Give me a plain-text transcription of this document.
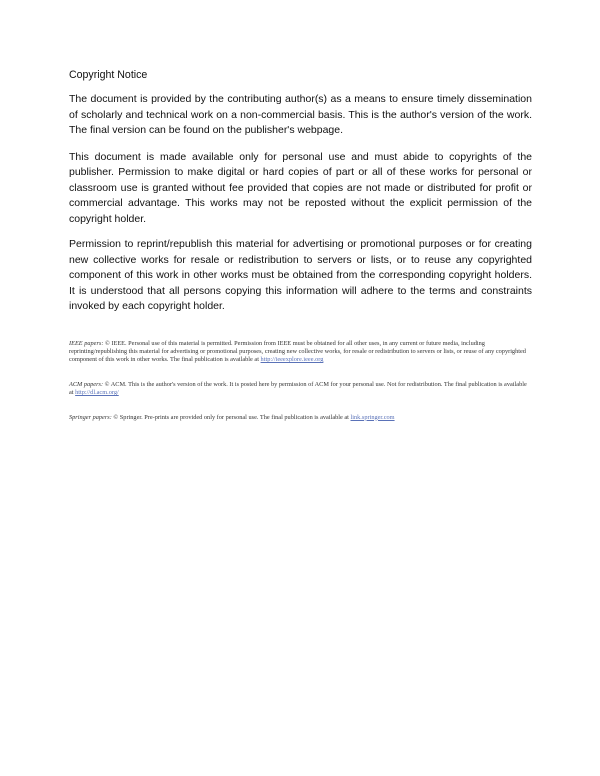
Copyright Notice

The document is provided by the contributing author(s) as a means to ensure timely dissemination of scholarly and technical work on a non-commercial basis. This is the author's version of the work. The final version can be found on the publisher's webpage.

This document is made available only for personal use and must abide to copyrights of the publisher. Permission to make digital or hard copies of part or all of these works for personal or classroom use is granted without fee provided that copies are not made or distributed for profit or commercial advantage. This works may not be reposted without the explicit permission of the copyright holder.

Permission to reprint/republish this material for advertising or promotional purposes or for creating new collective works for resale or redistribution to servers or lists, or to reuse any copyrighted component of this work in other works must be obtained from the corresponding copyright holders. It is understood that all persons copying this information will adhere to the terms and constraints invoked by each copyright holder.

IEEE papers: © IEEE. Personal use of this material is permitted. Permission from IEEE must be obtained for all other uses, in any current or future media, including reprinting/republishing this material for advertising or promotional purposes, creating new collective works, for resale or redistribution to servers or lists, or reuse of any copyrighted component of this work in other works. The final publication is available at http://ieeexplore.ieee.org

ACM papers: © ACM. This is the author's version of the work. It is posted here by permission of ACM for your personal use. Not for redistribution. The final publication is available at http://dl.acm.org/

Springer papers: © Springer. Pre-prints are provided only for personal use. The final publication is available at link.springer.com
